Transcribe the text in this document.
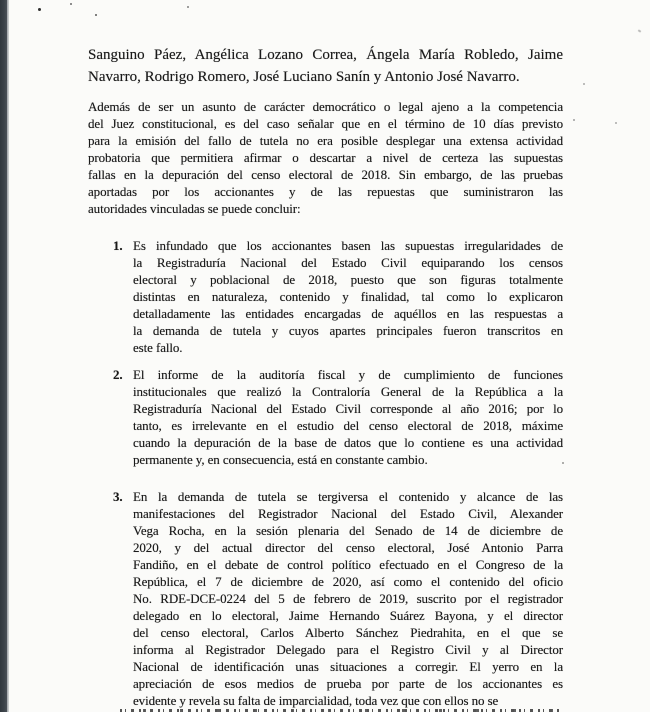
Sanguino Páez, Angélica Lozano Correa, Ángela María Robledo, Jaime
Navarro, Rodrigo Romero, José Luciano Sanín y Antonio José Navarro.
Además de ser un asunto de carácter democrático o legal ajeno a la competencia
del Juez constitucional, es del caso señalar que en el término de 10 días previsto
para la emisión del fallo de tutela no era posible desplegar una extensa actividad
probatoria que permitiera afirmar o descartar a nivel de certeza las supuestas
fallas en la depuración del censo electoral de 2018. Sin embargo, de las pruebas
aportadas por los accionantes y de las repuestas que suministraron las
autoridades vinculadas se puede concluir:
1. Es infundado que los accionantes basen las supuestas irregularidades de
la Registraduría Nacional del Estado Civil equiparando los censos
electoral y poblacional de 2018, puesto que son figuras totalmente
distintas en naturaleza, contenido y finalidad, tal como lo explicaron
detalladamente las entidades encargadas de aquéllos en las respuestas a
la demanda de tutela y cuyos apartes principales fueron transcritos en
este fallo.
2. El informe de la auditoría fiscal y de cumplimiento de funciones
institucionales que realizó la Contraloría General de la República a la
Registraduría Nacional del Estado Civil corresponde al año 2016; por lo
tanto, es irrelevante en el estudio del censo electoral de 2018, máxime
cuando la depuración de la base de datos que lo contiene es una actividad
permanente y, en consecuencia, está en constante cambio.
3. En la demanda de tutela se tergiversa el contenido y alcance de las
manifestaciones del Registrador Nacional del Estado Civil, Alexander
Vega Rocha, en la sesión plenaria del Senado de 14 de diciembre de
2020, y del actual director del censo electoral, José Antonio Parra
Fandiño, en el debate de control político efectuado en el Congreso de la
República, el 7 de diciembre de 2020, así como el contenido del oficio
No. RDE-DCE-0224 del 5 de febrero de 2019, suscrito por el registrador
delegado en lo electoral, Jaime Hernando Suárez Bayona, y el director
del censo electoral, Carlos Alberto Sánchez Piedrahita, en el que se
informa al Registrador Delegado para el Registro Civil y al Director
Nacional de identificación unas situaciones a corregir. El yerro en la
apreciación de esos medios de prueba por parte de los accionantes es
evidente y revela su falta de imparcialidad, toda vez que con ellos no se
